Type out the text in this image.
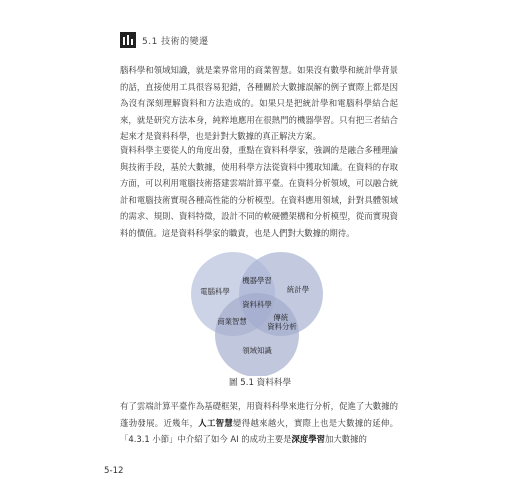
5.1 技術的變遷

腦科學和領域知識，就是業界常用的商業智慧。如果沒有數學和統計學背景的話，直接使用工具很容易犯錯，各種關於大數據誤解的例子實際上都是因為沒有深刻理解資料和方法造成的。如果只是把統計學和電腦科學結合起來，就是研究方法本身，純粹地應用在很熱門的機器學習。只有把三者結合起來才是資料科學，也是針對大數據的真正解決方案。

資料科學主要從人的角度出發，重點在資料科學家，強調的是融合多種理論與技術手段，基於大數據，使用科學方法從資料中獲取知識。在資料的存取方面，可以利用電腦技術搭建雲端計算平臺。在資料分析領域，可以融合統計和電腦技術實現各種高性能的分析模型。在資料應用領域，針對具體領域的需求、規則、資料特徵，設計不同的軟硬體架構和分析模型，從而實現資料的價值。這是資料科學家的職責，也是人們對大數據的期待。

電腦科學	統計學
領域知識
機器學習
商業智慧	傳統 資料分析
資料科學
圖 5.1 資料科學

有了雲端計算平臺作為基礎框架，用資料科學來進行分析，促進了大數據的蓬勃發展。近幾年，人工智慧變得越來越火，實際上也是大數據的延伸。「4.3.1 小節」中介紹了如今 AI 的成功主要是深度學習加大數據的

5-12
